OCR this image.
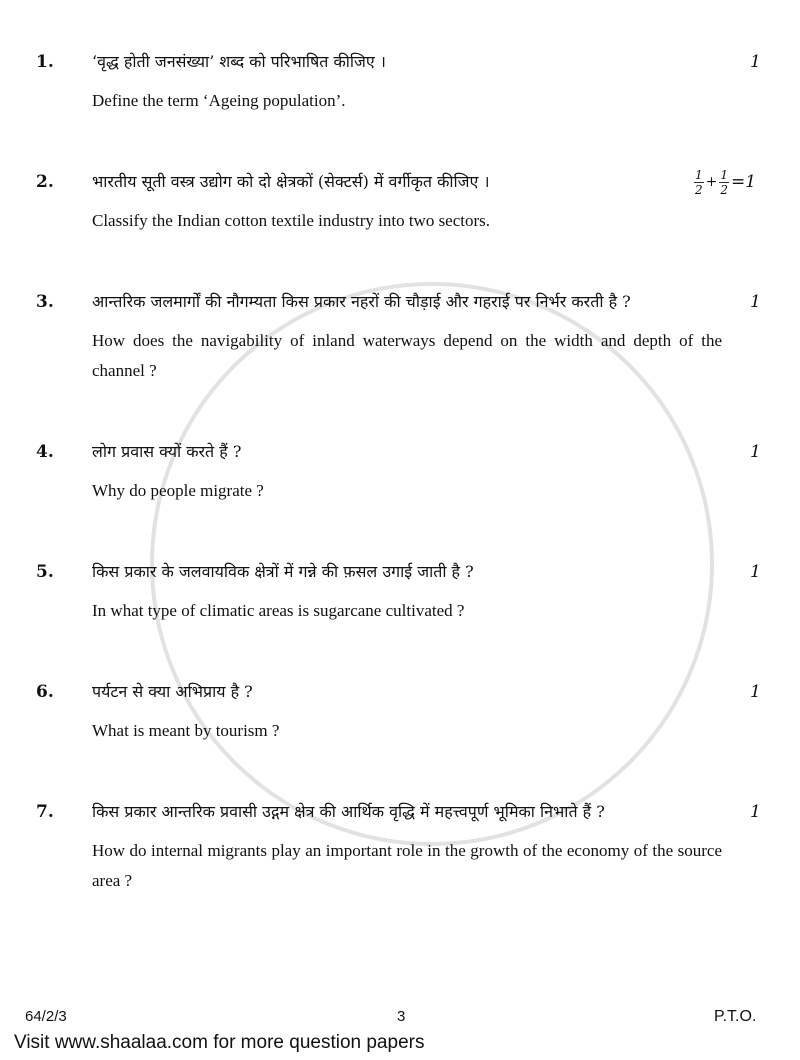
1.	‘वृद्ध होती जनसंख्या’ शब्द को परिभाषित कीजिए ।	1
Define the term ‘Ageing population’.
2.	भारतीय सूती वस्त्र उद्योग को दो क्षेत्रकों (सेक्टर्स) में वर्गीकृत कीजिए ।	$\frac{1}{2} + \frac{1}{2} =1$
Classify the Indian cotton textile industry into two sectors.
3.	आन्तरिक जलमार्गों की नौगम्यता किस प्रकार नहरों की चौड़ाई और गहराई पर निर्भर करती है ?	1
How does the navigability of inland waterways depend on the width and depth of the channel ?
4.	लोग प्रवास क्यों करते हैं ?	1
Why do people migrate ?
5.	किस प्रकार के जलवायविक क्षेत्रों में गन्ने की फ़सल उगाई जाती है ?	1
In what type of climatic areas is sugarcane cultivated ?
6.	पर्यटन से क्या अभिप्राय है ?	1
What is meant by tourism ?
7.	किस प्रकार आन्तरिक प्रवासी उद्गम क्षेत्र की आर्थिक वृद्धि में महत्त्वपूर्ण भूमिका निभाते हैं ?	1
How do internal migrants play an important role in the growth of the economy of the source area ?
64/2/3	3	P.T.O.
Visit www.shaalaa.com for more question papers
